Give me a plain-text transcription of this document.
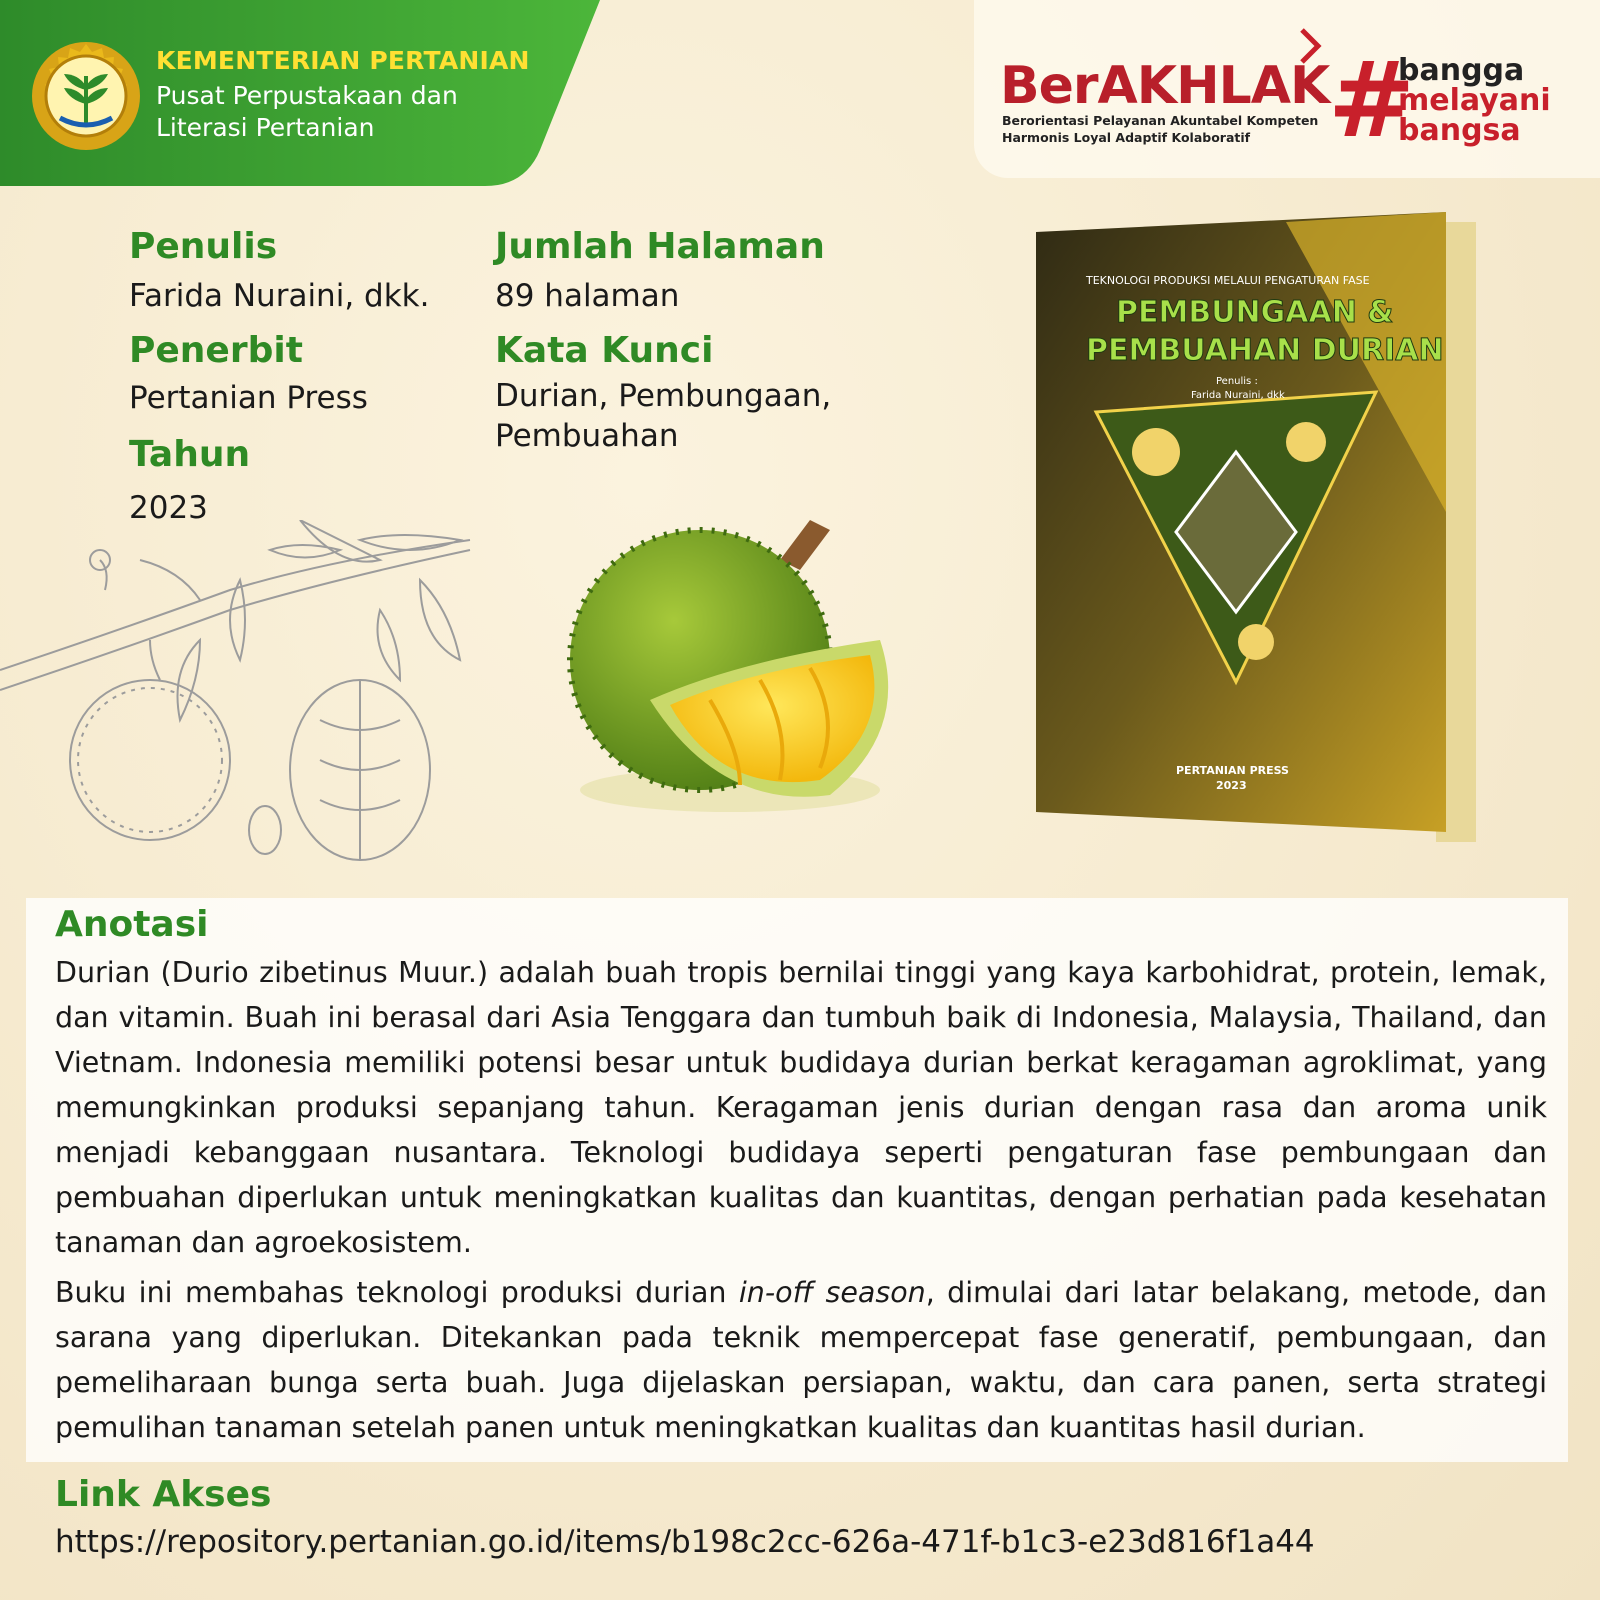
KEMENTERIAN PERTANIAN
Pusat Perpustakaan dan
Literasi Pertanian
BerAKHLAK
Berorientasi Pelayanan Akuntabel Kompeten
Harmonis Loyal Adaptif Kolaboratif #
bangga
melayani
bangsa
Penulis
Farida Nuraini, dkk.
Penerbit
Pertanian Press
Tahun
2023
Jumlah Halaman
89 halaman
Kata Kunci
Durian, Pembungaan,
Pembuahan
TEKNOLOGI PRODUKSI MELALUI PENGATURAN FASE
PEMBUNGAAN &
PEMBUAHAN DURIAN
Penulis :
Farida Nuraini, dkk
PERTANIAN PRESS
2023
Anotasi
Durian (Durio zibetinus Muur.) adalah buah tropis bernilai tinggi yang kaya karbohidrat, protein, lemak, dan vitamin. Buah ini berasal dari Asia Tenggara dan tumbuh baik di Indonesia, Malaysia, Thailand, dan Vietnam. Indonesia memiliki potensi besar untuk budidaya durian berkat keragaman agroklimat, yang memungkinkan produksi sepanjang tahun. Keragaman jenis durian dengan rasa dan aroma unik menjadi kebanggaan nusantara. Teknologi budidaya seperti pengaturan fase pembungaan dan pembuahan diperlukan untuk meningkatkan kualitas dan kuantitas, dengan perhatian pada kesehatan tanaman dan agroekosistem.
Buku ini membahas teknologi produksi durian in-off season, dimulai dari latar belakang, metode, dan sarana yang diperlukan. Ditekankan pada teknik mempercepat fase generatif, pembungaan, dan pemeliharaan bunga serta buah. Juga dijelaskan persiapan, waktu, dan cara panen, serta strategi pemulihan tanaman setelah panen untuk meningkatkan kualitas dan kuantitas hasil durian.
Link Akses
https://repository.pertanian.go.id/items/b198c2cc-626a-471f-b1c3-e23d816f1a44
